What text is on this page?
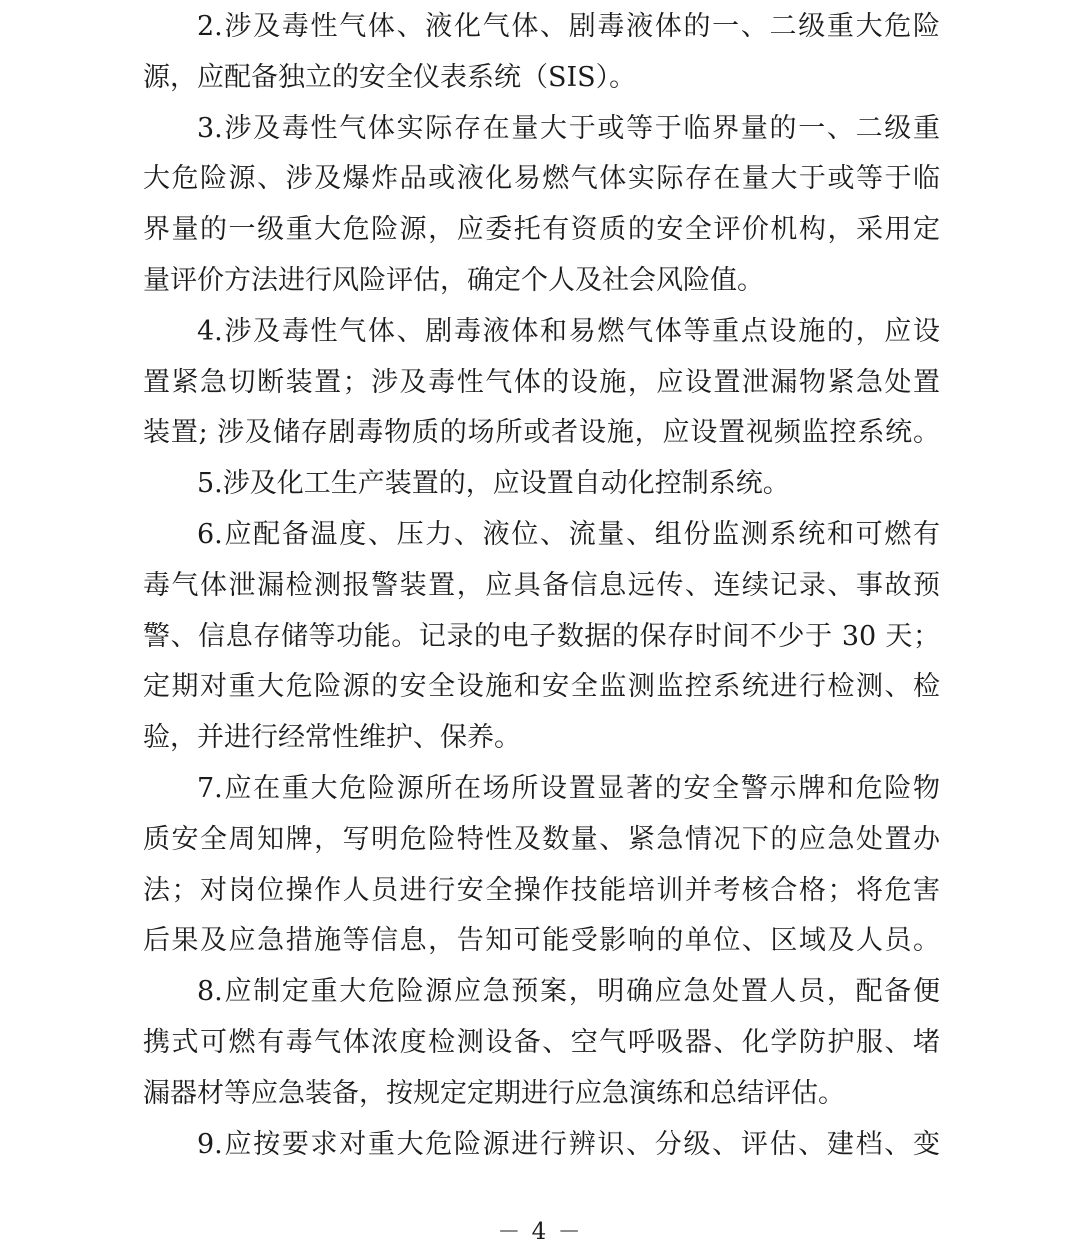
2.涉及毒性气体、液化气体、剧毒液体的一、二级重大危险
源，应配备独立的安全仪表系统（SIS）。
3.涉及毒性气体实际存在量大于或等于临界量的一、二级重
大危险源、涉及爆炸品或液化易燃气体实际存在量大于或等于临
界量的一级重大危险源，应委托有资质的安全评价机构，采用定
量评价方法进行风险评估，确定个人及社会风险值。
4.涉及毒性气体、剧毒液体和易燃气体等重点设施的，应设
置紧急切断装置；涉及毒性气体的设施，应设置泄漏物紧急处置
装置; 涉及储存剧毒物质的场所或者设施，应设置视频监控系统。
5.涉及化工生产装置的，应设置自动化控制系统。
6.应配备温度、压力、液位、流量、组份监测系统和可燃有
毒气体泄漏检测报警装置，应具备信息远传、连续记录、事故预
警、信息存储等功能。记录的电子数据的保存时间不少于 30 天；
定期对重大危险源的安全设施和安全监测监控系统进行检测、检
验，并进行经常性维护、保养。
7.应在重大危险源所在场所设置显著的安全警示牌和危险物
质安全周知牌，写明危险特性及数量、紧急情况下的应急处置办
法；对岗位操作人员进行安全操作技能培训并考核合格；将危害
后果及应急措施等信息，告知可能受影响的单位、区域及人员。
8.应制定重大危险源应急预案，明确应急处置人员，配备便
携式可燃有毒气体浓度检测设备、空气呼吸器、化学防护服、堵
漏器材等应急装备，按规定定期进行应急演练和总结评估。
9.应按要求对重大危险源进行辨识、分级、评估、建档、变
－ 4 －
